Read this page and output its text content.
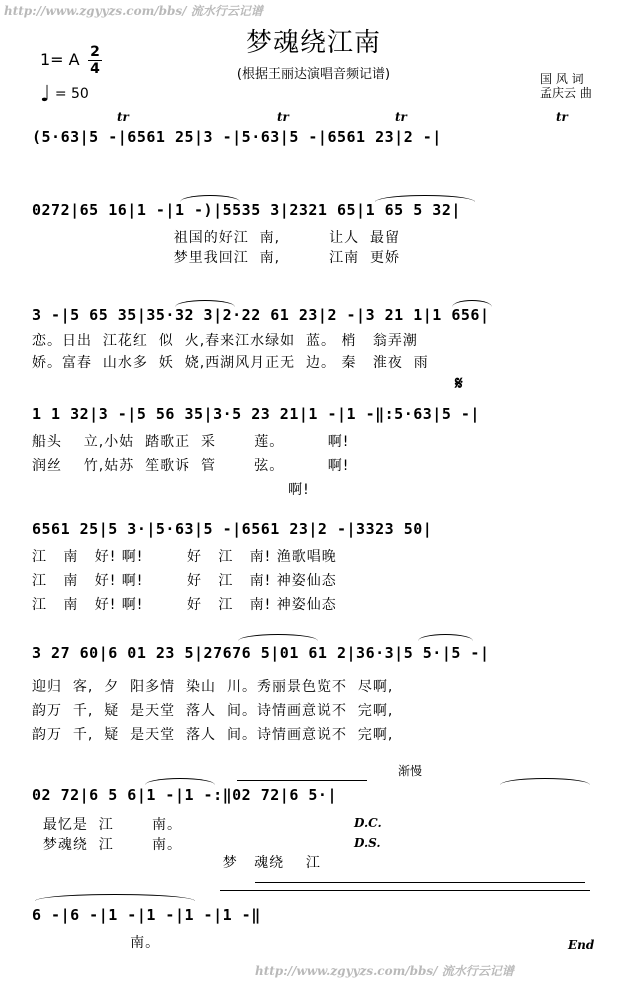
http://www.zgyyzs.com/bbs/ 流水行云记谱
梦魂绕江南
(根据王丽达演唱音频记谱)
1= A 2
4
♩ = 50
国 风 词
孟庆云 曲
tr	tr	tr	tr
(5·63|5 -|6561 25|3 -|5·63|5 -|6561 23|2 -|
0272|65 16|1 -|1 -)|5535 3|2321 65|1 65 5 32|
祖国的好江  南,         让人  最留
梦里我回江  南,         江南  更娇
3 -|5 65 35|35·32 3|2·22 61 23|2 -|3 21 1|1 656|
恋。日出  江花红  似  火,春来江水绿如  蓝。 梢   翁弄潮
娇。富春  山水多  妖  娆,西湖风月正无  边。 秦   淮夜  雨
𝄋
1 1 32|3 -|5 56 35|3·5 23 21|1 -|1 -‖:5·63|5 -|
船头    立,小姑  踏歌正  采       莲。        啊!
润丝    竹,姑苏  笙歌诉  管       弦。        啊!
啊!
6561 25|5 3·|5·63|5 -|6561 23|2 -|3323 50|
江   南   好! 啊!        好   江   南! 渔歌唱晚
江   南   好! 啊!        好   江   南! 神姿仙态
江   南   好! 啊!        好   江   南! 神姿仙态
3 27 60|6 01 23 5|27676 5|01 61 2|36·3|5 5·|5 -|
迎归  客,  夕  阳多情  染山  川。秀丽景色览不  尽啊,
韵万  千,  疑  是天堂  落人  间。诗情画意说不  完啊,
韵万  千,  疑  是天堂  落人  间。诗情画意说不  完啊,
渐慢
02 72|6 5 6|1 -|1 -:‖02 72|6 5·|
最忆是  江       南。	D.C.
梦魂绕  江       南。	D.S.
梦   魂绕    江
6 -|6 -|1 -|1 -|1 -|1 -‖
南。	End
http://www.zgyyzs.com/bbs/ 流水行云记谱
